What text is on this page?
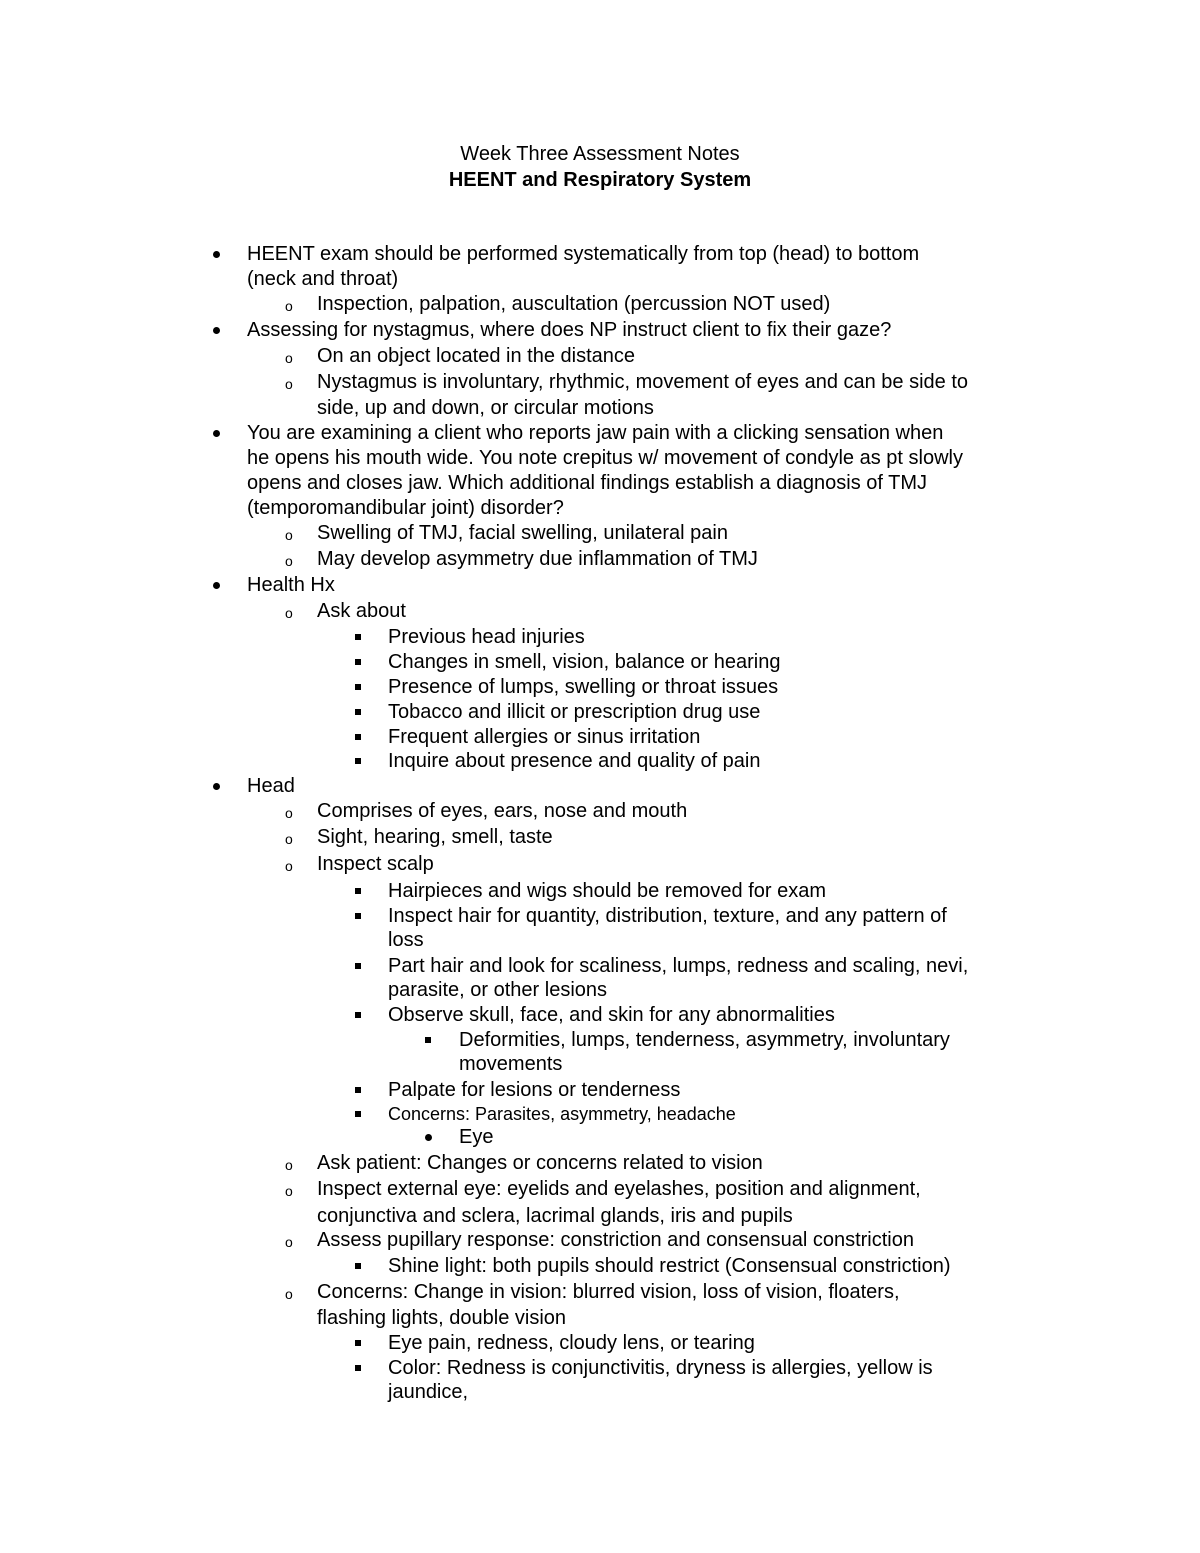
Week Three Assessment Notes
HEENT and Respiratory System
HEENT exam should be performed systematically from top (head) to bottom
(neck and throat)
Inspection, palpation, auscultation (percussion NOT used)
o
Assessing for nystagmus, where does NP instruct client to fix their gaze?
On an object located in the distance
o
Nystagmus is involuntary, rhythmic, movement of eyes and can be side to
o
side, up and down, or circular motions
You are examining a client who reports jaw pain with a clicking sensation when
he opens his mouth wide. You note crepitus w/ movement of condyle as pt slowly
opens and closes jaw. Which additional findings establish a diagnosis of TMJ
(temporomandibular joint) disorder?
Swelling of TMJ, facial swelling, unilateral pain
o
May develop asymmetry due inflammation of TMJ
o
Health Hx
Ask about
o
Previous head injuries
Changes in smell, vision, balance or hearing
Presence of lumps, swelling or throat issues
Tobacco and illicit or prescription drug use
Frequent allergies or sinus irritation
Inquire about presence and quality of pain
Head
Comprises of eyes, ears, nose and mouth
o
Sight, hearing, smell, taste
o
Inspect scalp
o
Hairpieces and wigs should be removed for exam
Inspect hair for quantity, distribution, texture, and any pattern of
loss
Part hair and look for scaliness, lumps, redness and scaling, nevi,
parasite, or other lesions
Observe skull, face, and skin for any abnormalities
Deformities, lumps, tenderness, asymmetry, involuntary
movements
Palpate for lesions or tenderness
Concerns: Parasites, asymmetry, headache
Eye
Ask patient: Changes or concerns related to vision
o
Inspect external eye: eyelids and eyelashes, position and alignment,
o
conjunctiva and sclera, lacrimal glands, iris and pupils
Assess pupillary response: constriction and consensual constriction
o
Shine light: both pupils should restrict (Consensual constriction)
Concerns: Change in vision: blurred vision, loss of vision, floaters,
o
flashing lights, double vision
Eye pain, redness, cloudy lens, or tearing
Color: Redness is conjunctivitis, dryness is allergies, yellow is
jaundice,
